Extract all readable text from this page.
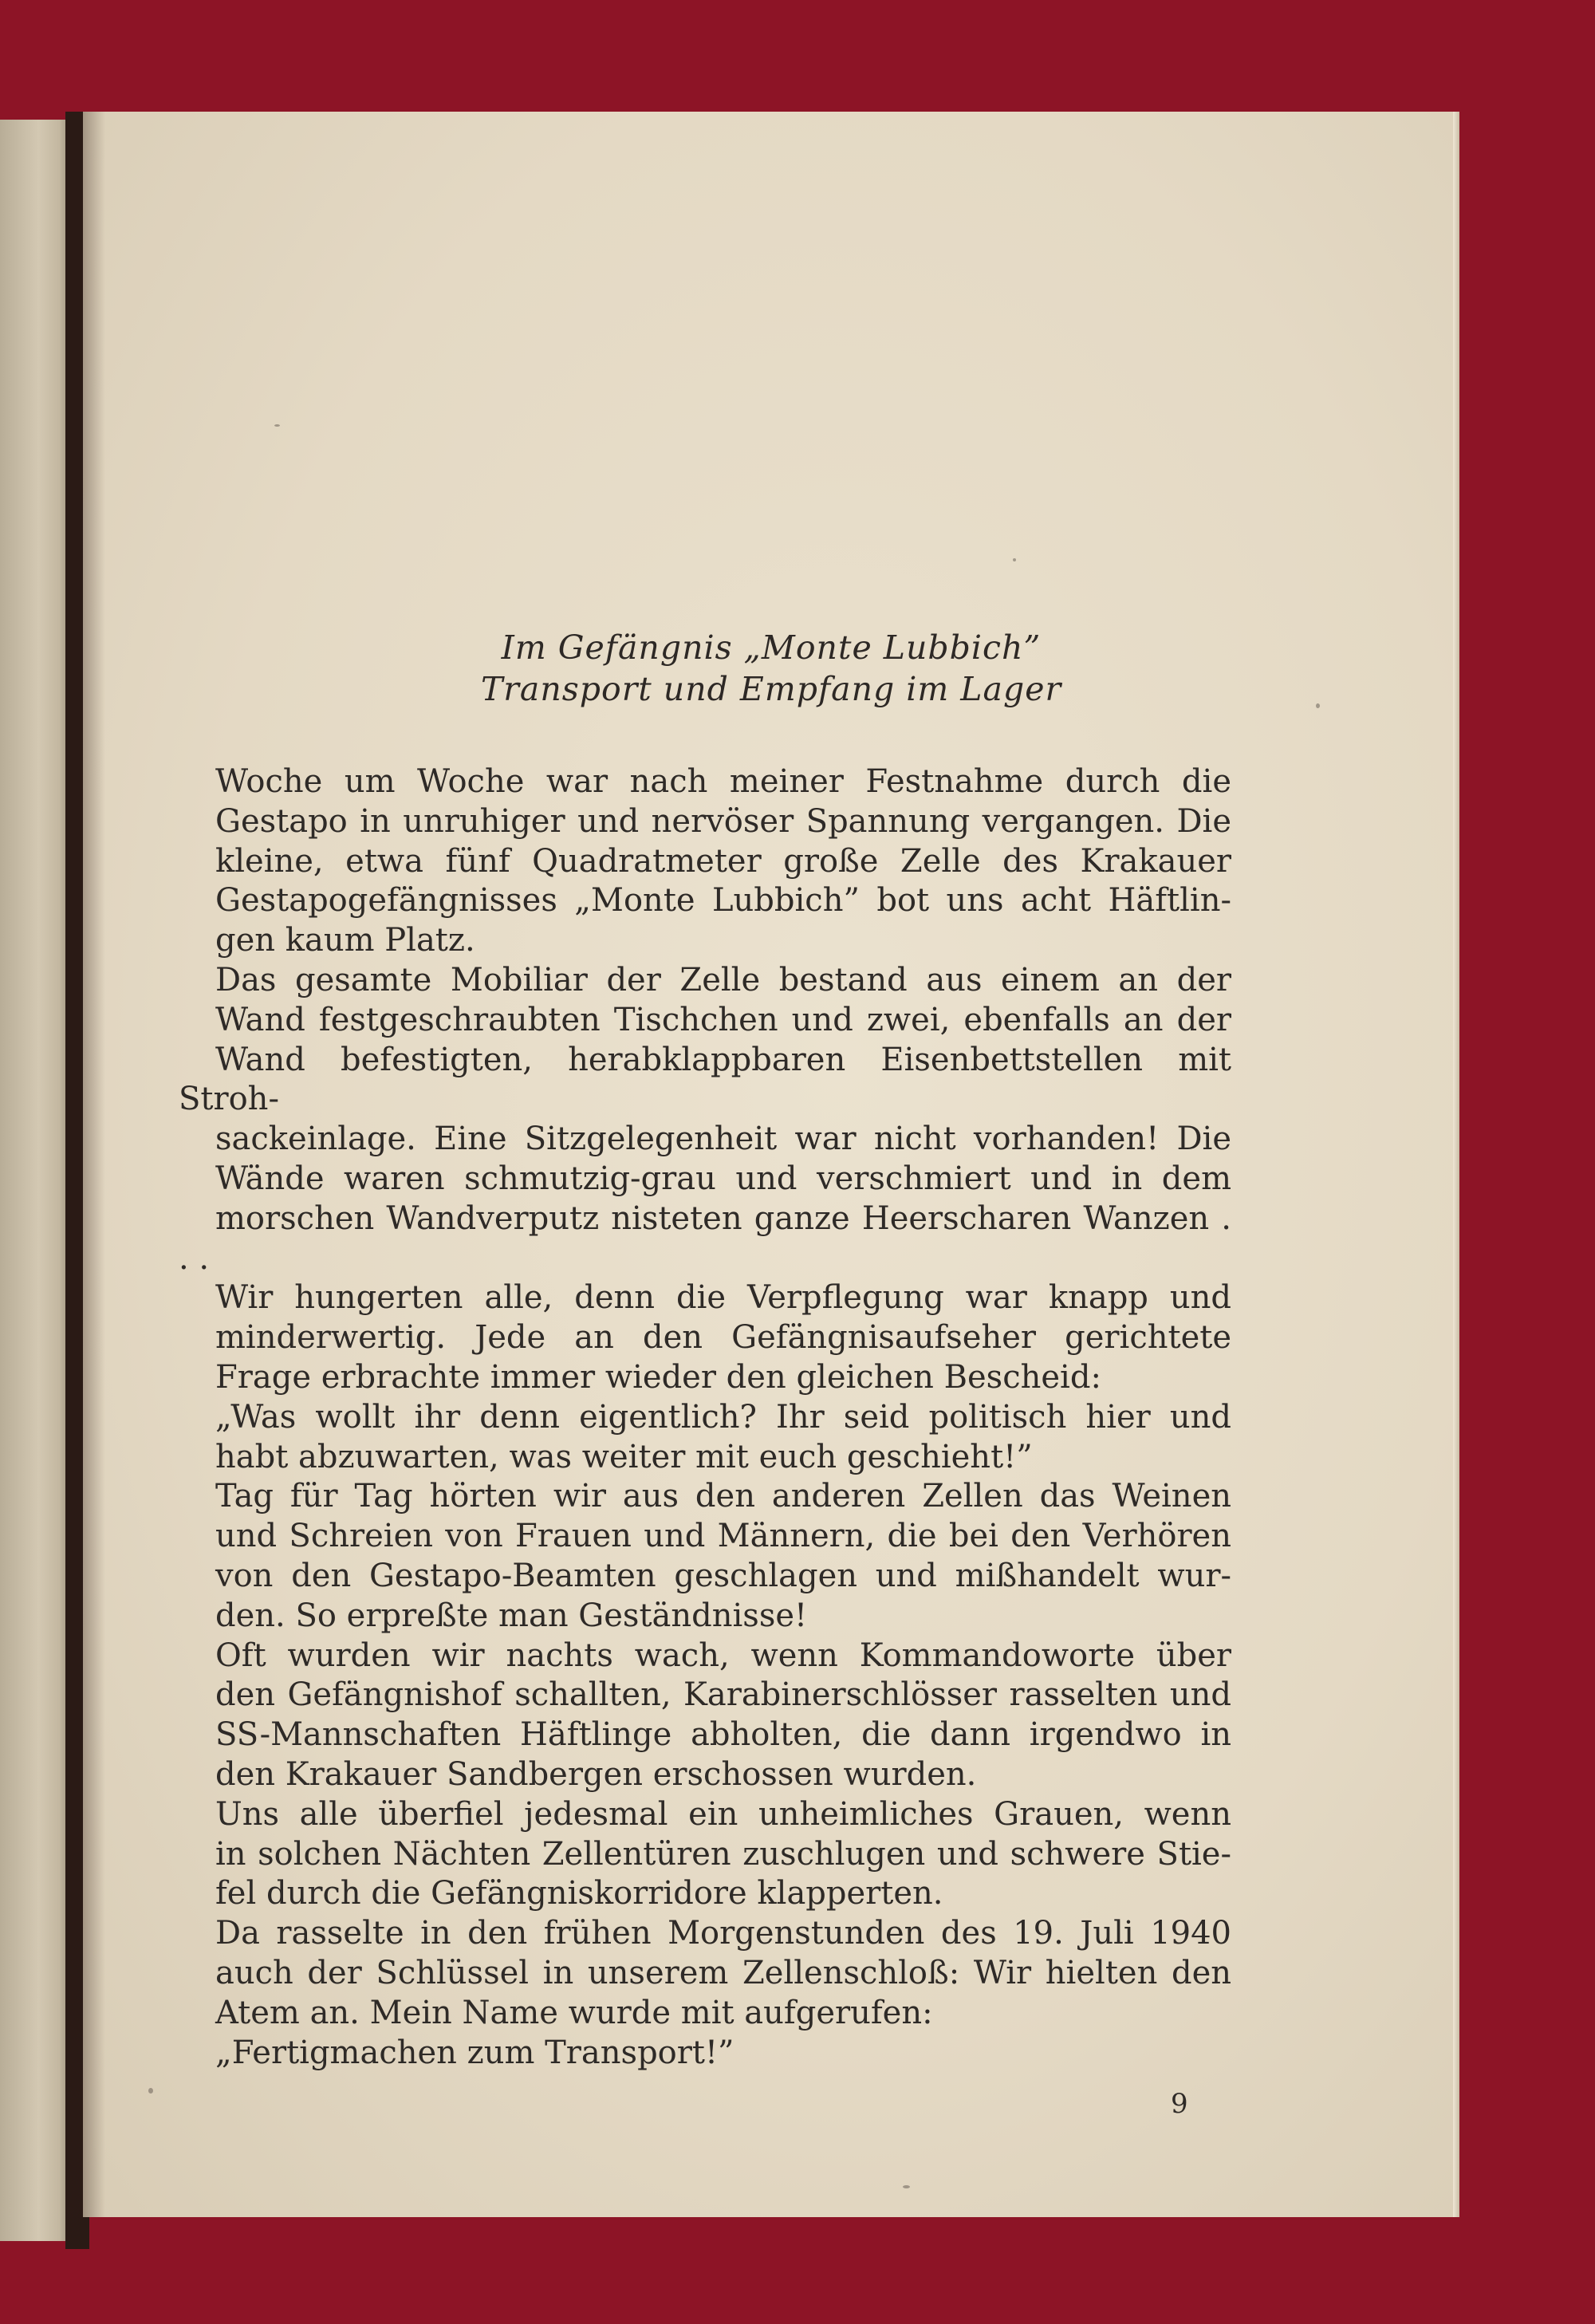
Im Gefängnis „Monte Lubbich”
Transport und Empfang im Lager
Woche um Woche war nach meiner Festnahme durch die
Gestapo in unruhiger und nervöser Spannung vergangen. Die
kleine, etwa fünf Quadratmeter große Zelle des Krakauer
Gestapogefängnisses „Monte Lubbich” bot uns acht Häftlin-
gen kaum Platz.
Das gesamte Mobiliar der Zelle bestand aus einem an der
Wand festgeschraubten Tischchen und zwei, ebenfalls an der
Wand befestigten, herabklappbaren Eisenbettstellen mit Stroh-
sackeinlage. Eine Sitzgelegenheit war nicht vorhanden! Die
Wände waren schmutzig-grau und verschmiert und in dem
morschen Wandverputz nisteten ganze Heerscharen Wanzen . . .
Wir hungerten alle, denn die Verpflegung war knapp und
minderwertig. Jede an den Gefängnisaufseher gerichtete
Frage erbrachte immer wieder den gleichen Bescheid:
„Was wollt ihr denn eigentlich? Ihr seid politisch hier und
habt abzuwarten, was weiter mit euch geschieht!”
Tag für Tag hörten wir aus den anderen Zellen das Weinen
und Schreien von Frauen und Männern, die bei den Verhören
von den Gestapo-Beamten geschlagen und mißhandelt wur-
den. So erpreßte man Geständnisse!
Oft wurden wir nachts wach, wenn Kommandoworte über
den Gefängnishof schallten, Karabinerschlösser rasselten und
SS-Mannschaften Häftlinge abholten, die dann irgendwo in
den Krakauer Sandbergen erschossen wurden.
Uns alle überfiel jedesmal ein unheimliches Grauen, wenn
in solchen Nächten Zellentüren zuschlugen und schwere Stie-
fel durch die Gefängniskorridore klapperten.
Da rasselte in den frühen Morgenstunden des 19. Juli 1940
auch der Schlüssel in unserem Zellenschloß: Wir hielten den
Atem an. Mein Name wurde mit aufgerufen:
„Fertigmachen zum Transport!”
9
